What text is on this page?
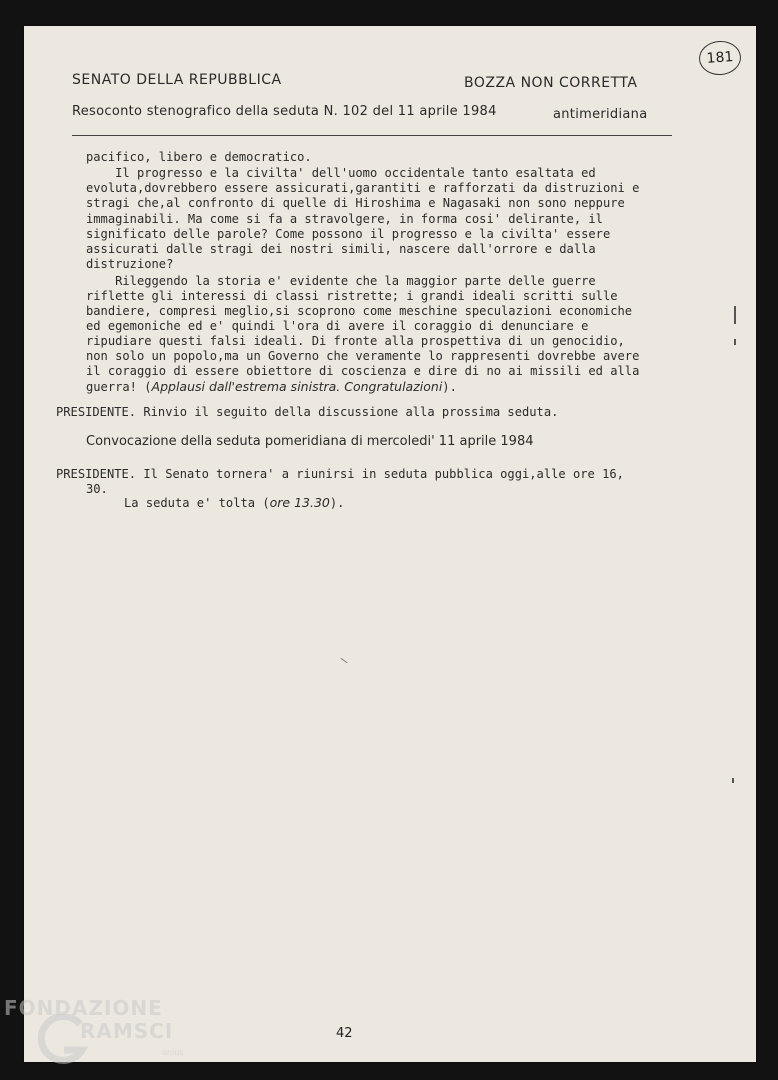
SENATO DELLA REPUBBLICA	BOZZA NON CORRETTA
Resoconto stenografico della seduta N. 102 del 11 aprile 1984	antimeridiana
181
pacifico, libero e democratico.
Il progresso e la civilta' dell'uomo occidentale tanto esaltata ed
evoluta,dovrebbero essere assicurati,garantiti e rafforzati da distruzioni e
stragi che,al confronto di quelle di Hiroshima e Nagasaki non sono neppure
immaginabili. Ma come si fa a stravolgere, in forma cosi' delirante, il
significato delle parole? Come possono il progresso e la civilta' essere
assicurati dalle stragi dei nostri simili, nascere dall'orrore e dalla
distruzione?
Rileggendo la storia e' evidente che la maggior parte delle guerre
riflette gli interessi di classi ristrette; i grandi ideali scritti sulle
bandiere, compresi meglio,si scoprono come meschine speculazioni economiche
ed egemoniche ed e' quindi l'ora di avere il coraggio di denunciare e
ripudiare questi falsi ideali. Di fronte alla prospettiva di un genocidio,
non solo un popolo,ma un Governo che veramente lo rappresenti dovrebbe avere
il coraggio di essere obiettore di coscienza e dire di no ai missili ed alla
guerra! (Applausi dall'estrema sinistra. Congratulazioni).
PRESIDENTE. Rinvio il seguito della discussione alla prossima seduta.
Convocazione della seduta pomeridiana di mercoledi' 11 aprile 1984
PRESIDENTE. Il Senato tornera' a riunirsi in seduta pubblica oggi,alle ore 16,
30.
La seduta e' tolta (ore 13.30).
42
FONDAZIONE
RAMSCI
onlus
